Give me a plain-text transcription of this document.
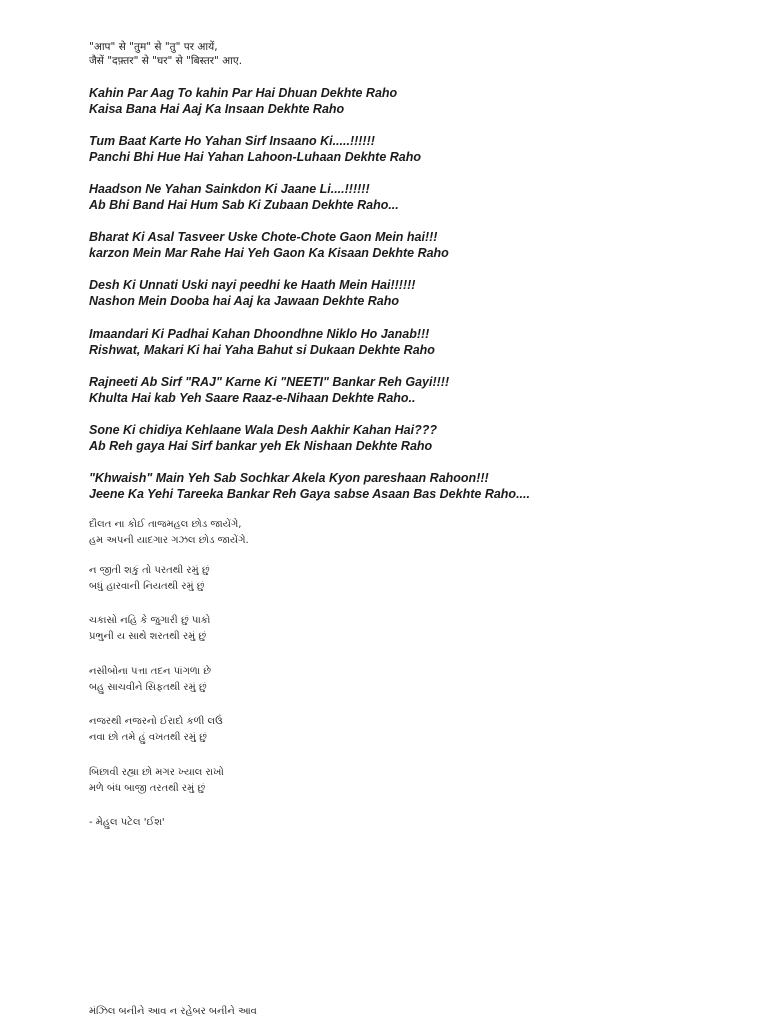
"आप" से "तुम" से "तु" पर आयें,
जैसें "दफ़्तर" से "घर" से "बिस्तर" आए.
Kahin Par Aag To kahin Par Hai Dhuan Dekhte Raho
Kaisa Bana Hai Aaj Ka Insaan Dekhte Raho
Tum Baat Karte Ho Yahan Sirf Insaano Ki.....!!!!!!
Panchi Bhi Hue Hai Yahan Lahoon-Luhaan Dekhte Raho
Haadson Ne Yahan Sainkdon Ki Jaane Li....!!!!!!
Ab Bhi Band Hai Hum Sab Ki Zubaan Dekhte Raho...
Bharat Ki Asal Tasveer Uske Chote-Chote Gaon Mein hai!!!
karzon Mein Mar Rahe Hai Yeh Gaon Ka Kisaan Dekhte Raho
Desh Ki Unnati Uski nayi peedhi ke Haath Mein Hai!!!!!!
Nashon Mein Dooba hai Aaj ka Jawaan Dekhte Raho
Imaandari Ki Padhai Kahan Dhoondhne Niklo Ho Janab!!!
Rishwat, Makari Ki hai Yaha Bahut si Dukaan Dekhte Raho
Rajneeti Ab Sirf "RAJ" Karne Ki "NEETI" Bankar Reh Gayi!!!!
Khulta Hai kab Yeh Saare Raaz-e-Nihaan Dekhte Raho..
Sone Ki chidiya Kehlaane Wala Desh Aakhir Kahan Hai???
Ab Reh gaya Hai Sirf bankar yeh Ek Nishaan Dekhte Raho
"Khwaish" Main Yeh Sab Sochkar Akela Kyon pareshaan Rahoon!!!
Jeene Ka Yehi Tareeka Bankar Reh Gaya sabse Asaan Bas Dekhte Raho....
દૌલત ના કોઈ તાજમહલ છોડ જાયેંગે,
હમ અપની યાદગાર ગઝલ છોડ જાયેંગે.
ન જીતી શકું તો પરતથી રમું છું
બધું હારવાની નિયતથી રમું છું
ચકાસો નહિ કે જુગારી છું પાકો
પ્રભુની ય સાથે શરતથી રમું છું
નસીબોના પત્તા તદન પાંગળા છે
બહુ સાચવીને સિફતથી રમું છું
નજરથી નજરનો ઈરાદો કળી લઉં
નવા છો તમે હું વખતથી રમું છું
બિછાવી રહ્યા છો મગર ખ્યાલ રાખો
મળે બંધ બાજી તરતથી રમું છું
- મેહુલ પટેલ 'ઈશ'
મંઝિલ બનીને આવ ન રહેબર બનીને આવ
